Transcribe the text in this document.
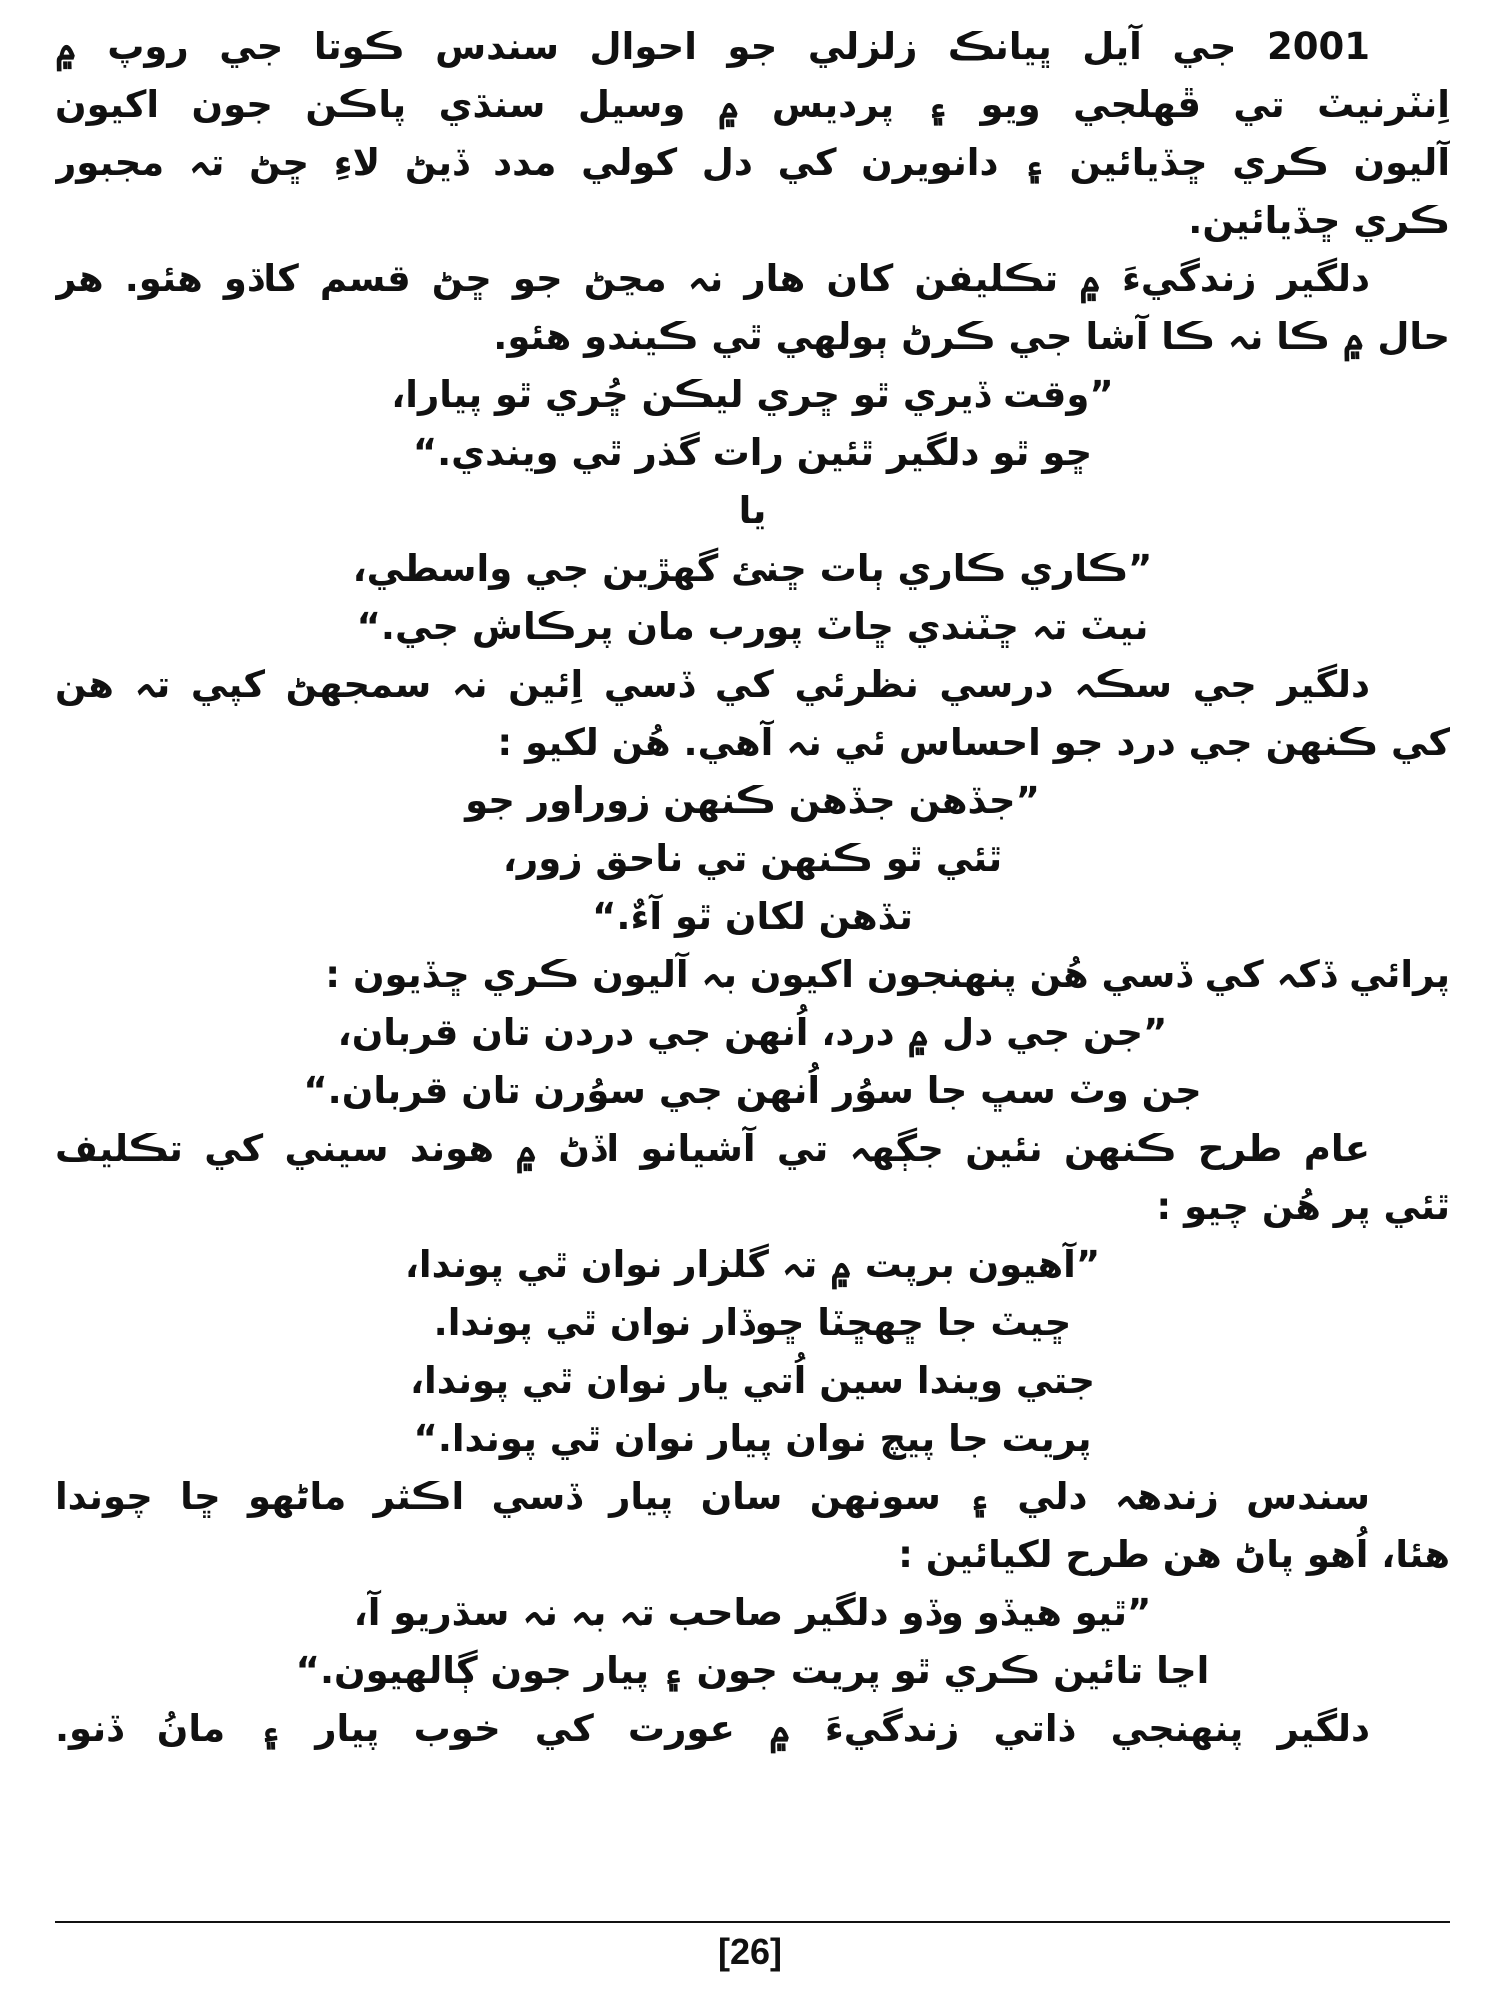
2001 جي آيل ڀيانڪ زلزلي جو احوال سندس ڪوتا جي روپ ۾
اِنٽرنيٽ تي ڦهلجي ويو ۽ پرديس ۾ وسيل سنڌي پاڪن جون اکيون
آليون ڪري ڇڏيائين ۽ دانويرن کي دل کولي مدد ڏيڻ لاءِ ڇڻ تہ مجبور
ڪري ڇڏيائين.
دلگير زندگيءَ ۾ تڪليفن کان هار نہ مڃڻ جو ڇڻ قسم کاڌو هئو. هر
حال ۾ ڪا نہ ڪا آشا جي ڪرڻ ٻولهي ٿي ڪيندو هئو.
”وقت ڏيري ٿو ڇري ليڪن ڇُري ٿو پيارا،
ڇو ٿو دلگير ٿئين رات گذر ٿي ويندي.“
يا
”ڪاري ڪاري ٻات ڇنئ گهڙين جي واسطي،
نيٽ تہ ڇٽندي ڇاٽ پورب مان پرڪاش جي.“
دلگير جي سڪہ درسي نظرئي کي ڏسي اِئين نہ سمجهڻ کپي تہ هن
کي ڪنهن جي درد جو احساس ئي نہ آهي. هُن لکيو :
”جڏهن جڏهن ڪنهن زوراور جو
ٿئي ٿو ڪنهن تي ناحق زور،
تڏهن لکان ٿو آءٌ.“
پرائي ڏکہ کي ڏسي هُن پنهنجون اکيون بہ آليون ڪري ڇڏيون :
”جن جي دل ۾ درد، اُنهن جي دردن تان قربان،
جن وٽ سڀ جا سوُر اُنهن جي سوُرن تان قربان.“
عام طرح ڪنهن نئين جڳهہ تي آشيانو اڏڻ ۾ هوند سيني کي تڪليف
ٿئي پر هُن چيو :
”آهيون برپت ۾ تہ گلزار نوان ٿي پوندا،
ڇيٽ جا ڇهڇٽا ڇوڏار نوان ٿي پوندا.
جتي ويندا سين اُتي يار نوان ٿي پوندا،
پريت جا پيچ نوان پيار نوان ٿي پوندا.“
سندس زندهہ دلي ۽ سونهن سان پيار ڏسي اڪثر ماڻهو ڇا چوندا
هئا، اُهو پاڻ هن طرح لکيائين :
”ٿيو هيڏو وڏو دلگير صاحب تہ بہ نہ سڌريو آ،
اڃا تائين ڪري ٿو پريت جون ۽ پيار جون ڳالهيون.“
دلگير پنهنجي ذاتي زندگيءَ ۾ عورت کي خوب پيار ۽ مانُ ڏنو.
[26]
